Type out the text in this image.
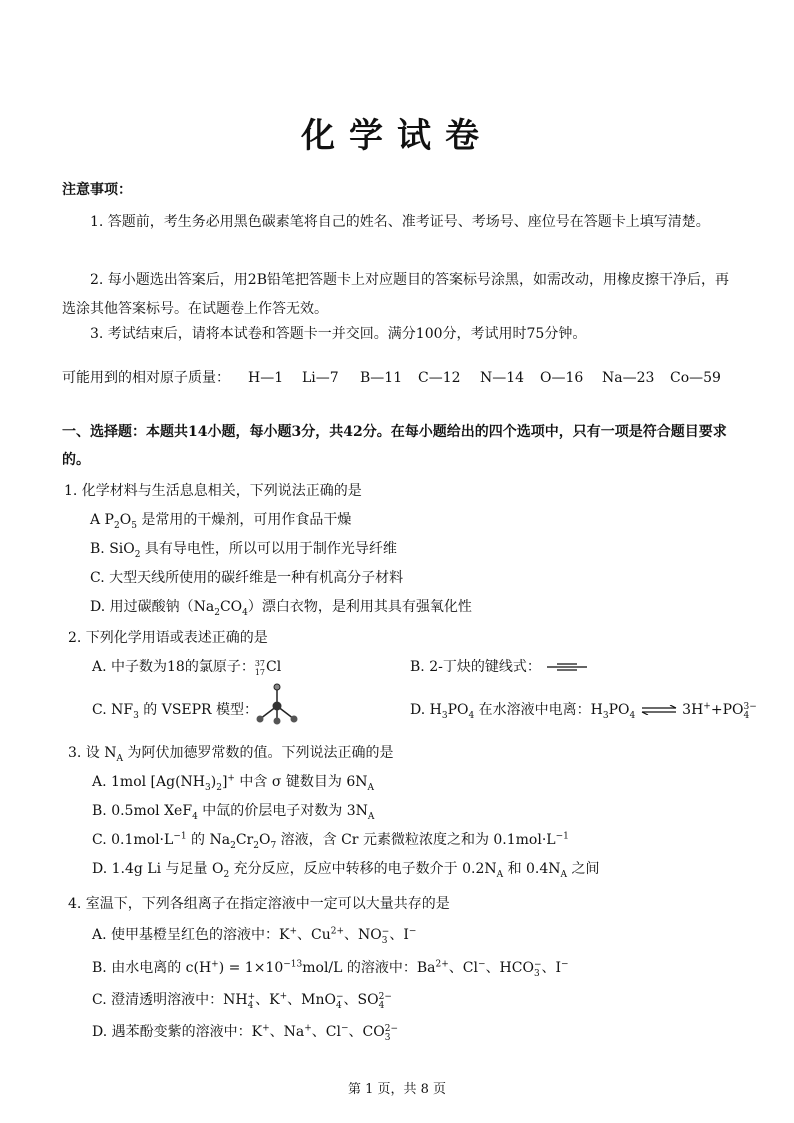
化学试卷
注意事项：
1. 答题前，考生务必用黑色碳素笔将自己的姓名、准考证号、考场号、座位号在答题卡上填写清楚。
2. 每小题选出答案后，用2B铅笔把答题卡上对应题目的答案标号涂黑，如需改动，用橡皮擦干净后，再选涂其他答案标号。在试题卷上作答无效。
3. 考试结束后，请将本试卷和答题卡一并交回。满分100分，考试用时75分钟。
可能用到的相对原子质量： H—1 Li—7 B—11 C—12 N—14 O—16 Na—23 Co—59
一、选择题：本题共14小题，每小题3分，共42分。在每小题给出的四个选项中，只有一项是符合题目要求的。
1. 化学材料与生活息息相关，下列说法正确的是
A $P_2O_5$ 是常用的干燥剂，可用作食品干燥
B. SiO$_2$ 具有导电性，所以可以用于制作光导纤维
C. 大型天线所使用的碳纤维是一种有机高分子材料
D. 用过碳酸钠$(Na_2CO_4)$漂白衣物，是利用其具有强氧化性
2. 下列化学用语或表述正确的是
A. 中子数为18的氯原子：37
17Cl	B. 2-丁炔的键线式：
C. $NF_3$ 的 VSEPR 模型：	D. $H_3PO_4$ 在水溶液中电离：$H_3PO_4$ ⇌ 3H++PO3−
4
3. 设 $N_A$ 为阿伏加德罗常数的值。下列说法正确的是
A. 1mol $[Ag(NH_3)_2]^+$ 中含 σ 键数目为 $6N_A$
B. 0.5mol XeF$_4$ 中氙的价层电子对数为 $3N_A$
C. $0.1mol\cdot L^{-1}$ 的 $Na_2Cr_2O_7$ 溶液，含 Cr 元素微粒浓度之和为 $0.1mol\cdot L^{-1}$
D. 1.4g Li 与足量 $O_2$ 充分反应，反应中转移的电子数介于 $0.2N_A$ 和 $0.4N_A$ 之间
4. 室温下，下列各组离子在指定溶液中一定可以大量共存的是
A. 使甲基橙呈红色的溶液中：K+、$Cu^{2+}$、NO−
3 、I−
B. 由水电离的 $c(H^+) = 1\times 10^{-13}mol/L$ 的溶液中：$Ba^{2+}$、Cl−、HCO−
3 、I−
C. 澄清透明溶液中：NH+
4 、K+、MnO−
4 、SO2−
4
D. 遇苯酚变紫的溶液中：K+、Na+、Cl−、CO2−
3
第 1 页，共 8 页
